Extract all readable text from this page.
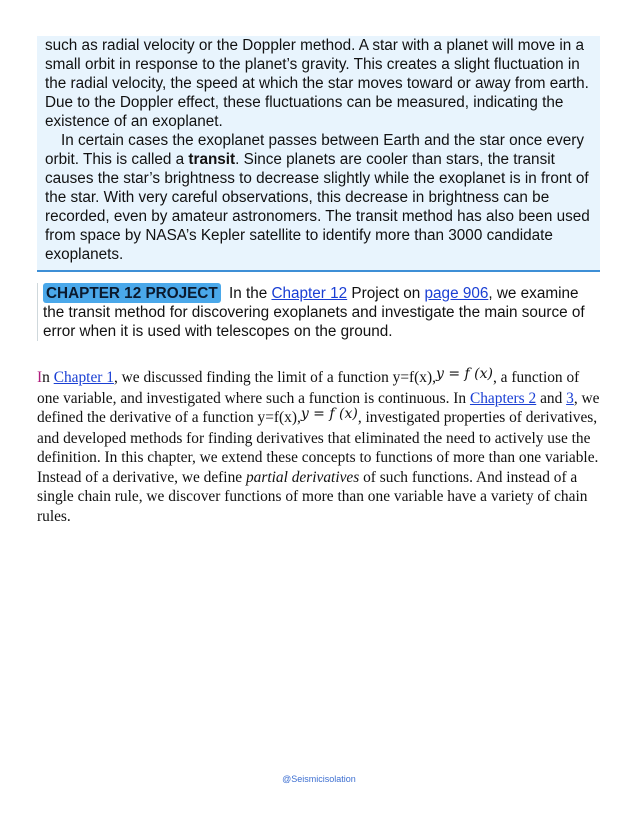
such as radial velocity or the Doppler method. A star with a planet will move in a small orbit in response to the planet’s gravity. This creates a slight fluctuation in the radial velocity, the speed at which the star moves toward or away from earth. Due to the Doppler effect, these fluctuations can be measured, indicating the existence of an exoplanet.

In certain cases the exoplanet passes between Earth and the star once every orbit. This is called a transit. Since planets are cooler than stars, the transit causes the star’s brightness to decrease slightly while the exoplanet is in front of the star. With very careful observations, this decrease in brightness can be recorded, even by amateur astronomers. The transit method has also been used from space by NASA’s Kepler satellite to identify more than 3000 candidate exoplanets.

CHAPTER 12 PROJECT In the Chapter 12 Project on page 906, we examine the transit method for discovering exoplanets and investigate the main source of error when it is used with telescopes on the ground.

In Chapter 1, we discussed finding the limit of a function y=f(x),y = f (x), a function of one variable, and investigated where such a function is continuous. In Chapters 2 and 3, we defined the derivative of a function y=f(x),y = f (x), investigated properties of derivatives, and developed methods for finding derivatives that eliminated the need to actively use the definition. In this chapter, we extend these concepts to functions of more than one variable. Instead of a derivative, we define partial derivatives of such functions. And instead of a single chain rule, we discover functions of more than one variable have a variety of chain rules.

@Seismicisolation
